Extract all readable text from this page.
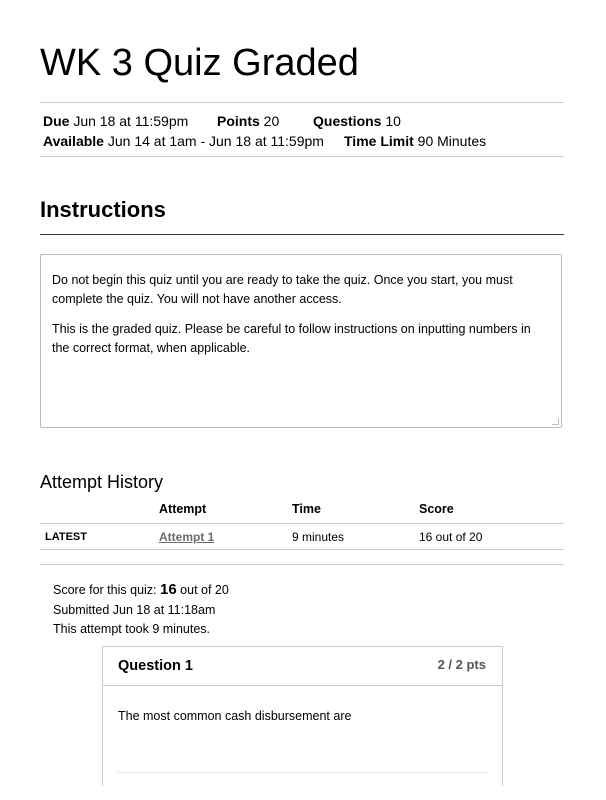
WK 3 Quiz Graded
Due Jun 18 at 11:59pm Points 20 Questions 10
Available Jun 14 at 1am - Jun 18 at 11:59pm Time Limit 90 Minutes
Instructions

Do not begin this quiz until you are ready to take the quiz. Once you start, you must complete the quiz. You will not have another access.

This is the graded quiz. Please be careful to follow instructions on inputting numbers in the correct format, when applicable.

Attempt History
	Attempt	Time	Score
LATEST	Attempt 1	9 minutes	16 out of 20
Score for this quiz: 16 out of 20
Submitted Jun 18 at 11:18am
This attempt took 9 minutes.
Question 1	2 / 2 pts
The most common cash disbursement are
